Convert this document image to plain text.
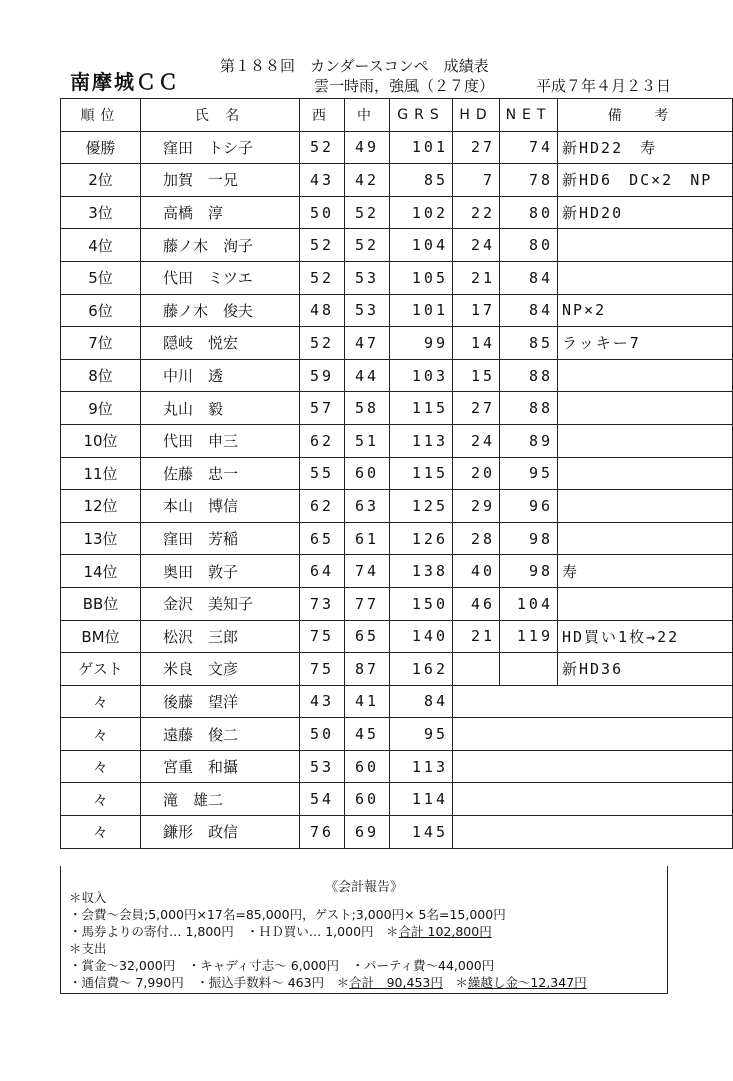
南摩城ＣＣ
第１８８回　カンダースコンペ　成績表
雲一時雨，強風（２７度）	平成７年４月２３日
順位	氏 名	西	中	GRS	HD	NET	備 考
優勝	窪田　トシ子	52	49	101	27	74	新HD22　寿
2位	加賀　一兄	43	42	85	7	78	新HD6　DC×2　NP
3位	高橋　淳	50	52	102	22	80	新HD20
4位	藤ノ木　洵子	52	52	104	24	80	
5位	代田　ミツエ	52	53	105	21	84	
6位	藤ノ木　俊夫	48	53	101	17	84	NP×2
7位	隠岐　悦宏	52	47	99	14	85	ラッキー7
8位	中川　透	59	44	103	15	88	
9位	丸山　毅	57	58	115	27	88	
10位	代田　申三	62	51	113	24	89	
11位	佐藤　忠一	55	60	115	20	95	
12位	本山　博信	62	63	125	29	96	
13位	窪田　芳稲	65	61	126	28	98	
14位	奥田　敦子	64	74	138	40	98	寿
BB位	金沢　美知子	73	77	150	46	104	
BM位	松沢　三郎	75	65	140	21	119	HD買い1枚→22
ゲスト	米良　文彦	75	87	162			新HD36
々	後藤　望洋	43	41	84			
々	遠藤　俊二	50	45	95			
々	宮重　和攝	53	60	113			
々	滝　雄二	54	60	114			
々	鎌形　政信	76	69	145			
《会計報告》
＊収入
・会費～会員;5,000円×17名=85,000円，ゲスト;3,000円× 5名=15,000円
・馬券よりの寄付… 1,800円　・ＨＤ買い… 1,000円　＊合計 102,800円
＊支出
・賞金～32,000円　・キャディ寸志～ 6,000円　・パーティ費～44,000円
・通信費～ 7,990円　・振込手数料～ 463円　＊合計　90,453円　＊繰越し金～12,347円
